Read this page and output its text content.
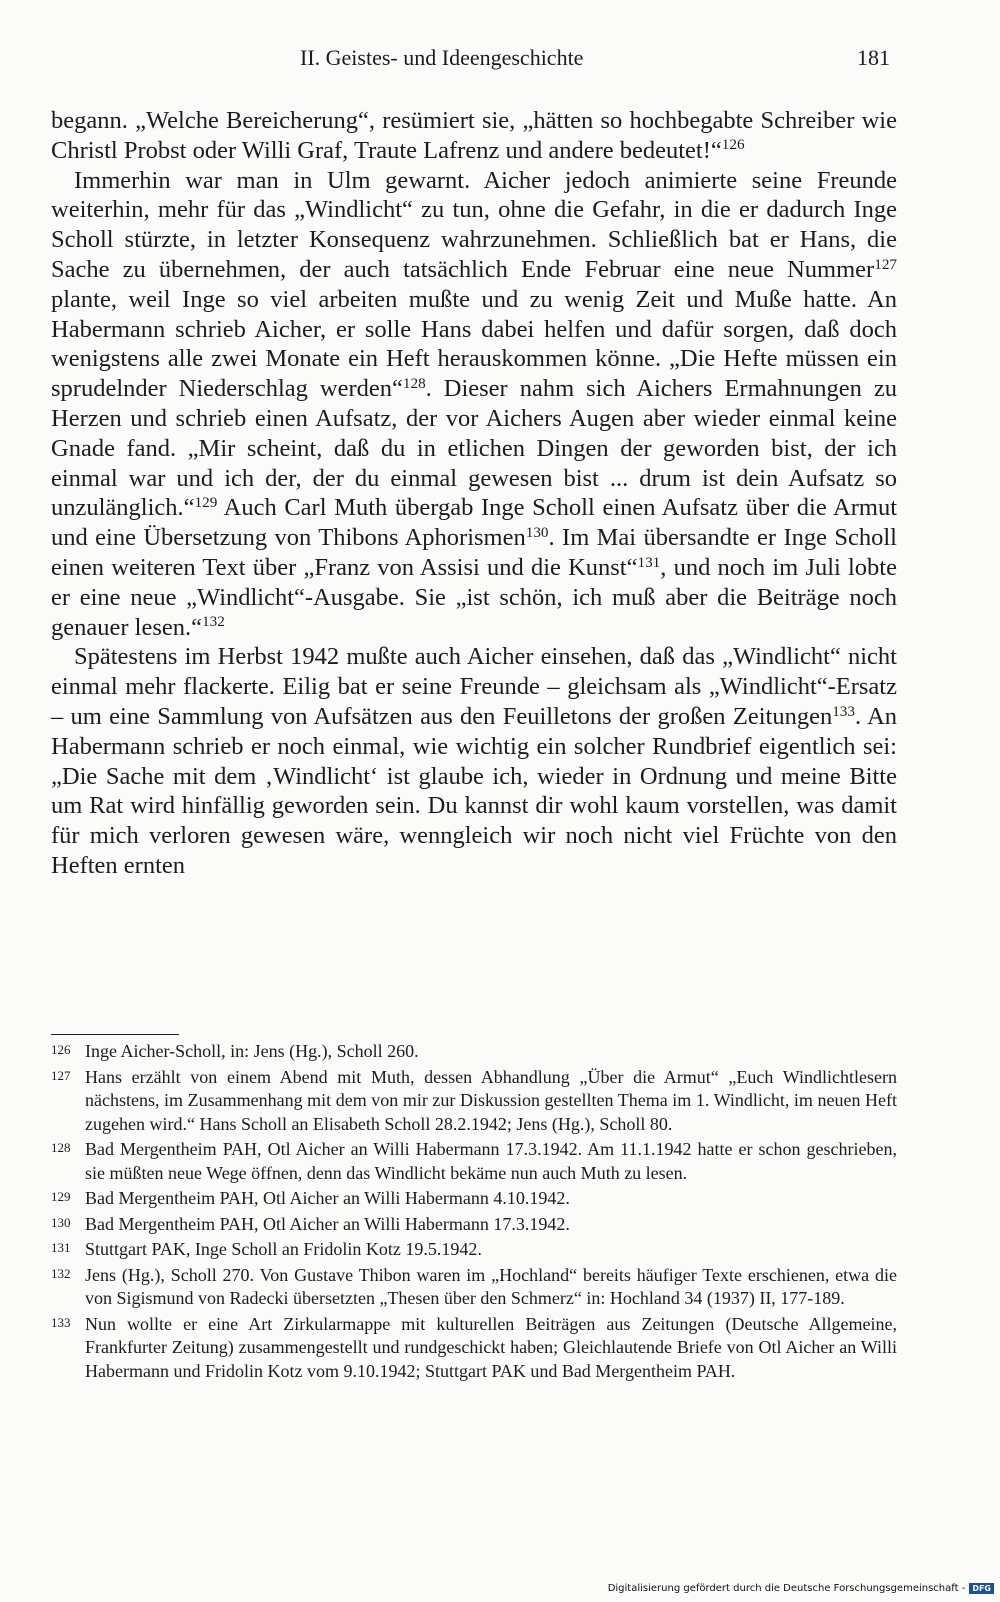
II. Geistes- und Ideengeschichte	181

begann. „Welche Bereicherung“, resümiert sie, „hätten so hochbegabte Schreiber wie Christl Probst oder Willi Graf, Traute Lafrenz und andere bedeutet!“$^{126}$

Immerhin war man in Ulm gewarnt. Aicher jedoch animierte seine Freunde weiterhin, mehr für das „Windlicht“ zu tun, ohne die Gefahr, in die er dadurch Inge Scholl stürzte, in letzter Konsequenz wahrzunehmen. Schließlich bat er Hans, die Sache zu übernehmen, der auch tatsächlich Ende Februar eine neue Nummer$^{127}$ plante, weil Inge so viel arbeiten mußte und zu wenig Zeit und Muße hatte. An Habermann schrieb Aicher, er solle Hans dabei helfen und dafür sorgen, daß doch wenigstens alle zwei Monate ein Heft herauskommen könne. „Die Hefte müssen ein sprudelnder Niederschlag werden“$^{128}$. Dieser nahm sich Aichers Ermahnungen zu Herzen und schrieb einen Aufsatz, der vor Aichers Augen aber wieder einmal keine Gnade fand. „Mir scheint, daß du in etlichen Dingen der geworden bist, der ich einmal war und ich der, der du einmal gewesen bist ... drum ist dein Aufsatz so unzulänglich.“$^{129}$ Auch Carl Muth übergab Inge Scholl einen Aufsatz über die Armut und eine Übersetzung von Thibons Aphorismen$^{130}$. Im Mai übersandte er Inge Scholl einen weiteren Text über „Franz von Assisi und die Kunst“$^{131}$, und noch im Juli lobte er eine neue „Windlicht“-Ausgabe. Sie „ist schön, ich muß aber die Beiträge noch genauer lesen.“$^{132}$

Spätestens im Herbst 1942 mußte auch Aicher einsehen, daß das „Windlicht“ nicht einmal mehr flackerte. Eilig bat er seine Freunde – gleichsam als „Windlicht“-Ersatz – um eine Sammlung von Aufsätzen aus den Feuilletons der großen Zeitungen$^{133}$. An Habermann schrieb er noch einmal, wie wichtig ein solcher Rundbrief eigentlich sei: „Die Sache mit dem ‚Windlicht‘ ist glaube ich, wieder in Ordnung und meine Bitte um Rat wird hinfällig geworden sein. Du kannst dir wohl kaum vorstellen, was damit für mich verloren gewesen wäre, wenngleich wir noch nicht viel Früchte von den Heften ernten

126 Inge Aicher-Scholl, in: Jens (Hg.), Scholl 260.
127 Hans erzählt von einem Abend mit Muth, dessen Abhandlung „Über die Armut“ „Euch Windlichtlesern nächstens, im Zusammenhang mit dem von mir zur Diskussion gestellten Thema im 1. Windlicht, im neuen Heft zugehen wird.“ Hans Scholl an Elisabeth Scholl 28.2.1942; Jens (Hg.), Scholl 80.
128 Bad Mergentheim PAH, Otl Aicher an Willi Habermann 17.3.1942. Am 11.1.1942 hatte er schon geschrieben, sie müßten neue Wege öffnen, denn das Windlicht bekäme nun auch Muth zu lesen.
129 Bad Mergentheim PAH, Otl Aicher an Willi Habermann 4.10.1942.
130 Bad Mergentheim PAH, Otl Aicher an Willi Habermann 17.3.1942.
131 Stuttgart PAK, Inge Scholl an Fridolin Kotz 19.5.1942.
132 Jens (Hg.), Scholl 270. Von Gustave Thibon waren im „Hochland“ bereits häufiger Texte erschienen, etwa die von Sigismund von Radecki übersetzten „Thesen über den Schmerz“ in: Hochland 34 (1937) II, 177-189.
133 Nun wollte er eine Art Zirkularmappe mit kulturellen Beiträgen aus Zeitungen (Deutsche Allgemeine, Frankfurter Zeitung) zusammengestellt und rundgeschickt haben; Gleichlautende Briefe von Otl Aicher an Willi Habermann und Fridolin Kotz vom 9.10.1942; Stuttgart PAK und Bad Mergentheim PAH.
Digitalisierung gefördert durch die Deutsche Forschungsgemeinschaft - DFG
